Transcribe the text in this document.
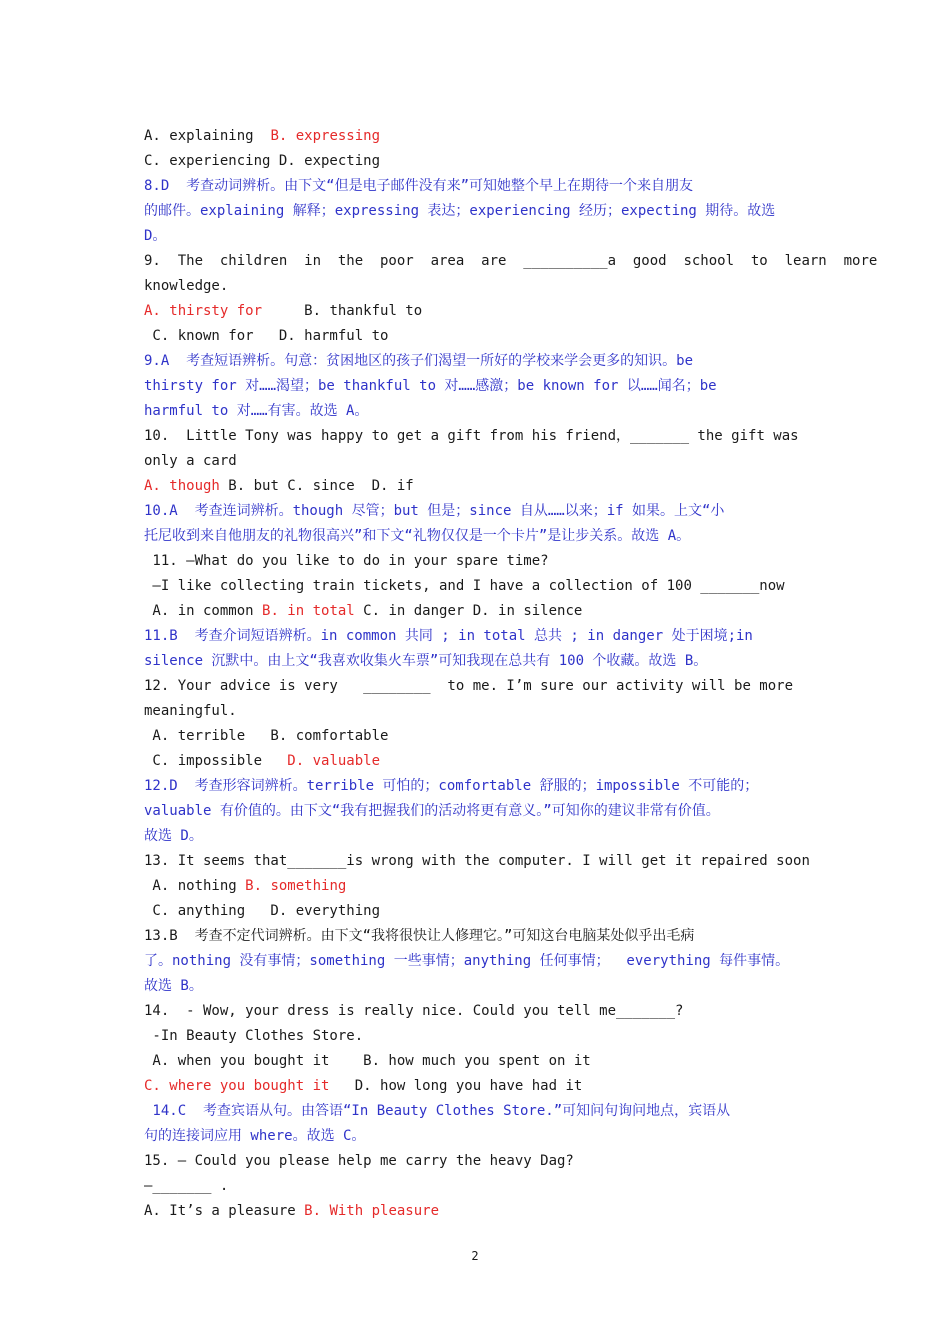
A. explaining  B. expressing
C. experiencing D. expecting
8.D  考查动词辨析。由下文“但是电子邮件没有来”可知她整个早上在期待一个来自朋友
的邮件。explaining 解释；expressing 表达；experiencing 经历；expecting 期待。故选
D。
9.  The  children  in  the  poor  area  are  __________a  good  school  to  learn  more
knowledge.
A. thirsty for     B. thankful to
C. known for   D. harmful to
9.A  考查短语辨析。句意：贫困地区的孩子们渴望一所好的学校来学会更多的知识。be
thirsty for 对……渴望；be thankful to 对……感激；be known for 以……闻名；be
harmful to 对……有害。故选 A。
10.  Little Tony was happy to get a gift from his friend，_______ the gift was
only a card
A. though B. but C. since  D. if
10.A  考查连词辨析。though 尽管；but 但是；since 自从……以来；if 如果。上文“小
托尼收到来自他朋友的礼物很高兴”和下文“礼物仅仅是一个卡片”是让步关系。故选 A。
11. —What do you like to do in your spare time?
—I like collecting train tickets, and I have a collection of 100 _______now
A. in common B. in total C. in danger D. in silence
11.B  考查介词短语辨析。in common 共同 ; in total 总共 ; in danger 处于困境;in
silence 沉默中。由上文“我喜欢收集火车票”可知我现在总共有 100 个收藏。故选 B。
12. Your advice is very   ________  to me. I’m sure our activity will be more
meaningful.
A. terrible   B. comfortable
C. impossible   D. valuable
12.D  考查形容词辨析。terrible 可怕的；comfortable 舒服的；impossible 不可能的；
valuable 有价值的。由下文“我有把握我们的活动将更有意义。”可知你的建议非常有价值。
故选 D。
13. It seems that_______is wrong with the computer. I will get it repaired soon
A. nothing B. something
C. anything   D. everything
13.B  考查不定代词辨析。由下文“我将很快让人修理它。”可知这台电脑某处似乎出毛病
了。nothing 没有事情；something 一些事情；anything 任何事情；  everything 每件事情。
故选 B。
14.  - Wow, your dress is really nice. Could you tell me_______?
-In Beauty Clothes Store.
A. when you bought it    B. how much you spent on it
C. where you bought it   D. how long you have had it
14.C  考查宾语从句。由答语“In Beauty Clothes Store.”可知问句询问地点，宾语从
句的连接词应用 where。故选 C。
15. — Could you please help me carry the heavy Dag?
—_______ .
A. It’s a pleasure B. With pleasure
2
